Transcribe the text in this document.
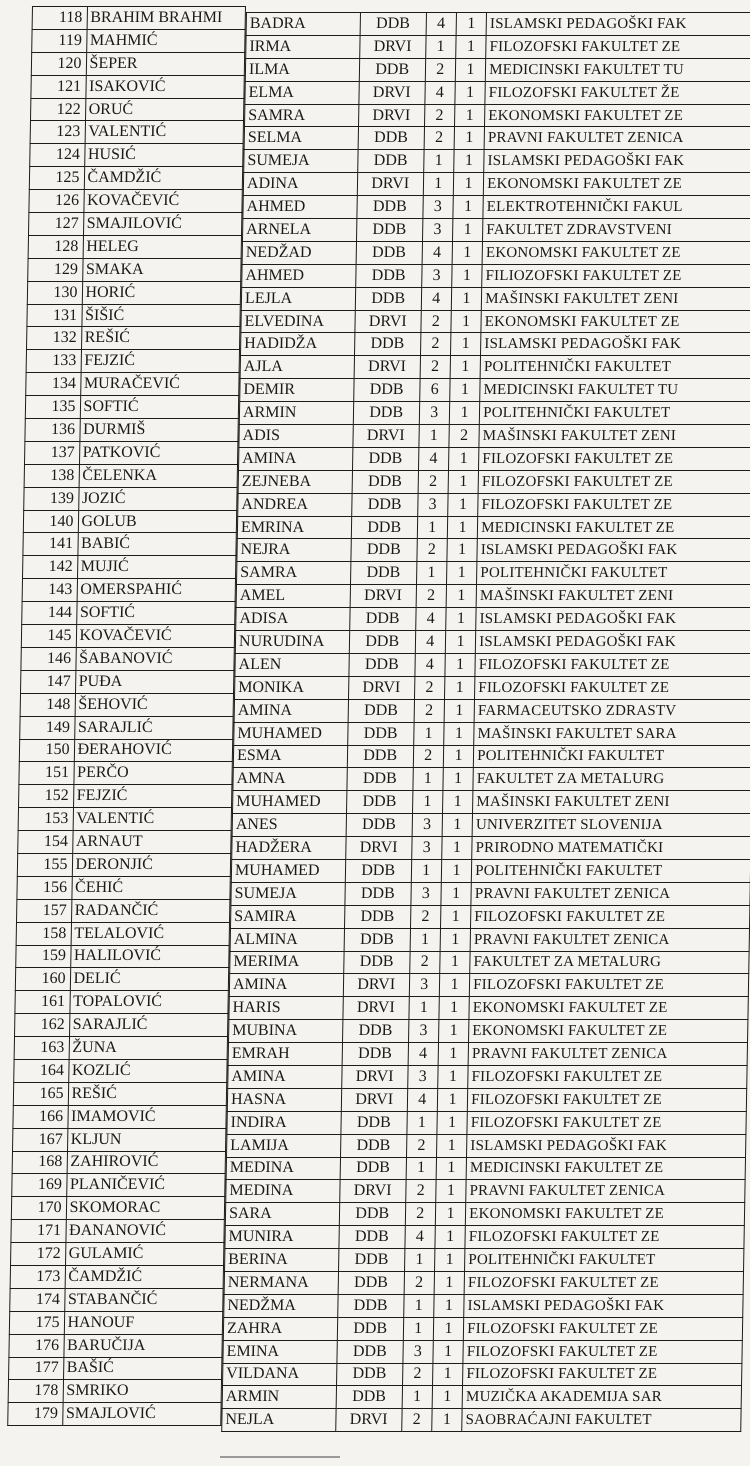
118	BRAHIM BRAHMI
119	MAHMIĆ
120	ŠEPER
121	ISAKOVIĆ
122	ORUĆ
123	VALENTIĆ
124	HUSIĆ
125	ČAMDŽIĆ
126	KOVAČEVIĆ
127	SMAJILOVIĆ
128	HELEG
129	SMAKA
130	HORIĆ
131	ŠIŠIĆ
132	REŠIĆ
133	FEJZIĆ
134	MURAČEVIĆ
135	SOFTIĆ
136	DURMIŠ
137	PATKOVIĆ
138	ČELENKA
139	JOZIĆ
140	GOLUB
141	BABIĆ
142	MUJIĆ
143	OMERSPAHIĆ
144	SOFTIĆ
145	KOVAČEVIĆ
146	ŠABANOVIĆ
147	PUĐA
148	ŠEHOVIĆ
149	SARAJLIĆ
150	ĐERAHOVIĆ
151	PERČO
152	FEJZIĆ
153	VALENTIĆ
154	ARNAUT
155	DERONJIĆ
156	ČEHIĆ
157	RADANČIĆ
158	TELALOVIĆ
159	HALILOVIĆ
160	DELIĆ
161	TOPALOVIĆ
162	SARAJLIĆ
163	ŽUNA
164	KOZLIĆ
165	REŠIĆ
166	IMAMOVIĆ
167	KLJUN
168	ZAHIROVIĆ
169	PLANIČEVIĆ
170	SKOMORAC
171	ĐANANOVIĆ
172	GULAMIĆ
173	ČAMDŽIĆ
174	STABANČIĆ
175	HANOUF
176	BARUČIJA
177	BAŠIĆ
178	SMRIKO
179	SMAJLOVIĆ
BADRA	DDB	4	1	ISLAMSKI PEDAGOŠKI FAK
IRMA	DRVI	1	1	FILOZOFSKI FAKULTET ZE
ILMA	DDB	2	1	MEDICINSKI FAKULTET TU
ELMA	DRVI	4	1	FILOZOFSKI FAKULTET ŽE
SAMRA	DRVI	2	1	EKONOMSKI FAKULTET ZE
SELMA	DDB	2	1	PRAVNI FAKULTET ZENICA
SUMEJA	DDB	1	1	ISLAMSKI PEDAGOŠKI FAK
ADINA	DRVI	1	1	EKONOMSKI FAKULTET ZE
AHMED	DDB	3	1	ELEKTROTEHNIČKI FAKUL
ARNELA	DDB	3	1	FAKULTET ZDRAVSTVENI
NEDŽAD	DDB	4	1	EKONOMSKI FAKULTET ZE
AHMED	DDB	3	1	FILIOZOFSKI FAKULTET ZE
LEJLA	DDB	4	1	MAŠINSKI FAKULTET ZENI
ELVEDINA	DRVI	2	1	EKONOMSKI FAKULTET ZE
HADIDŽA	DDB	2	1	ISLAMSKI PEDAGOŠKI FAK
AJLA	DRVI	2	1	POLITEHNIČKI FAKULTET
DEMIR	DDB	6	1	MEDICINSKI FAKULTET TU
ARMIN	DDB	3	1	POLITEHNIČKI FAKULTET
ADIS	DRVI	1	2	MAŠINSKI FAKULTET ZENI
AMINA	DDB	4	1	FILOZOFSKI FAKULTET ZE
ZEJNEBA	DDB	2	1	FILOZOFSKI FAKULTET ZE
ANDREA	DDB	3	1	FILOZOFSKI FAKULTET ZE
EMRINA	DDB	1	1	MEDICINSKI FAKULTET ZE
NEJRA	DDB	2	1	ISLAMSKI PEDAGOŠKI FAK
SAMRA	DDB	1	1	POLITEHNIČKI FAKULTET
AMEL	DRVI	2	1	MAŠINSKI FAKULTET ZENI
ADISA	DDB	4	1	ISLAMSKI PEDAGOŠKI FAK
NURUDINA	DDB	4	1	ISLAMSKI PEDAGOŠKI FAK
ALEN	DDB	4	1	FILOZOFSKI FAKULTET ZE
MONIKA	DRVI	2	1	FILOZOFSKI FAKULTET ZE
AMINA	DDB	2	1	FARMACEUTSKO ZDRASTV
MUHAMED	DDB	1	1	MAŠINSKI FAKULTET SARA
ESMA	DDB	2	1	POLITEHNIČKI FAKULTET
AMNA	DDB	1	1	FAKULTET ZA METALURG
MUHAMED	DDB	1	1	MAŠINSKI FAKULTET ZENI
ANES	DDB	3	1	UNIVERZITET SLOVENIJA
HADŽERA	DRVI	3	1	PRIRODNO MATEMATIČKI
MUHAMED	DDB	1	1	POLITEHNIČKI FAKULTET
SUMEJA	DDB	3	1	PRAVNI FAKULTET ZENICA
SAMIRA	DDB	2	1	FILOZOFSKI FAKULTET ZE
ALMINA	DDB	1	1	PRAVNI FAKULTET ZENICA
MERIMA	DDB	2	1	FAKULTET ZA METALURG
AMINA	DRVI	3	1	FILOZOFSKI FAKULTET ZE
HARIS	DRVI	1	1	EKONOMSKI FAKULTET ZE
MUBINA	DDB	3	1	EKONOMSKI FAKULTET ZE
EMRAH	DDB	4	1	PRAVNI FAKULTET ZENICA
AMINA	DRVI	3	1	FILOZOFSKI FAKULTET ZE
HASNA	DRVI	4	1	FILOZOFSKI FAKULTET ZE
INDIRA	DDB	1	1	FILOZOFSKI FAKULTET ZE
LAMIJA	DDB	2	1	ISLAMSKI PEDAGOŠKI FAK
MEDINA	DDB	1	1	MEDICINSKI FAKULTET ZE
MEDINA	DRVI	2	1	PRAVNI FAKULTET ZENICA
SARA	DDB	2	1	EKONOMSKI FAKULTET ZE
MUNIRA	DDB	4	1	FILOZOFSKI FAKULTET ZE
BERINA	DDB	1	1	POLITEHNIČKI FAKULTET
NERMANA	DDB	2	1	FILOZOFSKI FAKULTET ZE
NEDŽMA	DDB	1	1	ISLAMSKI PEDAGOŠKI FAK
ZAHRA	DDB	1	1	FILOZOFSKI FAKULTET ZE
EMINA	DDB	3	1	FILOZOFSKI FAKULTET ZE
VILDANA	DDB	2	1	FILOZOFSKI FAKULTET ZE
ARMIN	DDB	1	1	MUZIČKA AKADEMIJA SAR
NEJLA	DRVI	2	1	SAOBRAĆAJNI FAKULTET
